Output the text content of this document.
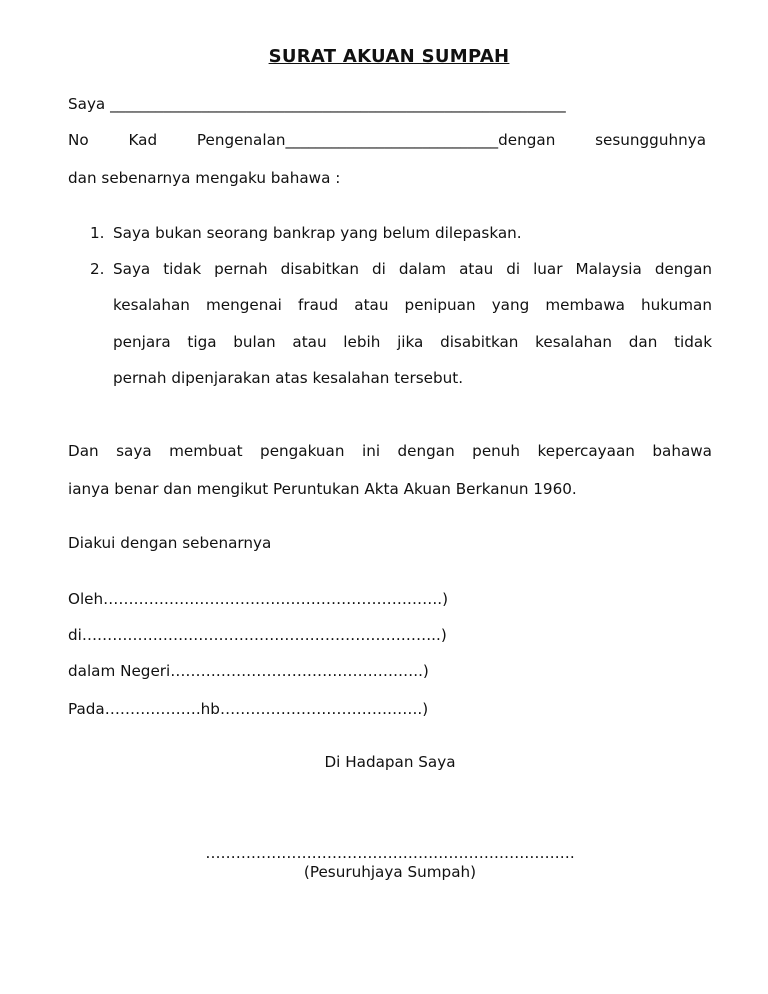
SURAT AKUAN SUMPAH
Saya ____________________________________________________________
No Kad Pengenalan____________________________dengan	sesungguhnya
dan sebenarnya mengaku bahawa :
1. Saya bukan seorang bankrap yang belum dilepaskan.
2. Saya tidak pernah disabitkan di dalam atau di luar Malaysia dengan
kesalahan mengenai fraud atau penipuan yang membawa hukuman
penjara tiga bulan atau lebih jika disabitkan kesalahan dan tidak
pernah dipenjarakan atas kesalahan tersebut.
Dan saya membuat pengakuan ini dengan penuh kepercayaan bahawa
ianya benar dan mengikut Peruntukan Akta Akuan Berkanun 1960.
Diakui dengan sebenarnya
Oleh………………………………………………………….)
di……………………………………………………………..)
dalam Negeri…………………………………………..)
Pada……………….hb………………………………….)
Di Hadapan Saya
……………………………………………………………….
(Pesuruhjaya Sumpah)
